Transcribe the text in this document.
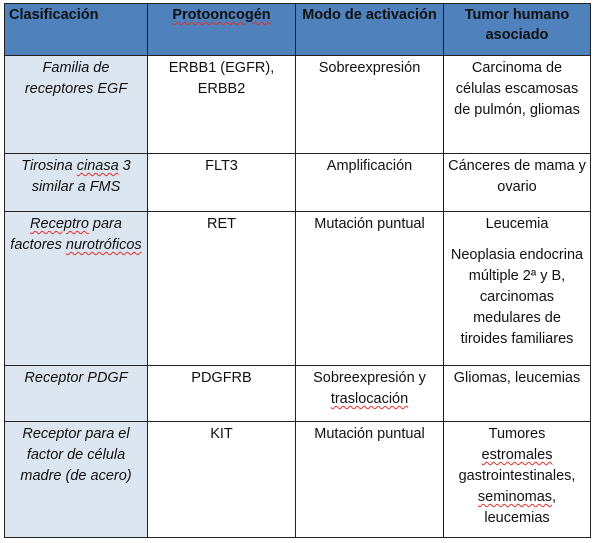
Clasificación	Protooncogén	Modo de activación	Tumor humano asociado
Familia de receptores EGF	ERBB1 (EGFR), ERBB2	Sobreexpresión	Carcinoma de células escamosas de pulmón, gliomas
Tirosina cinasa 3 similar a FMS	FLT3	Amplificación	Cánceres de mama y ovario
Receptro para factores nurotróficos	RET	Mutación puntual	Leucemia
Neoplasia endocrina múltiple 2ª y B, carcinomas medulares de tiroides familiares

Receptor PDGF	PDGFRB	Sobreexpresión y traslocación	Gliomas, leucemias
Receptor para el factor de célula madre (de acero)	KIT	Mutación puntual	Tumores
estromales
gastrointestinales,
seminomas, leucemias
